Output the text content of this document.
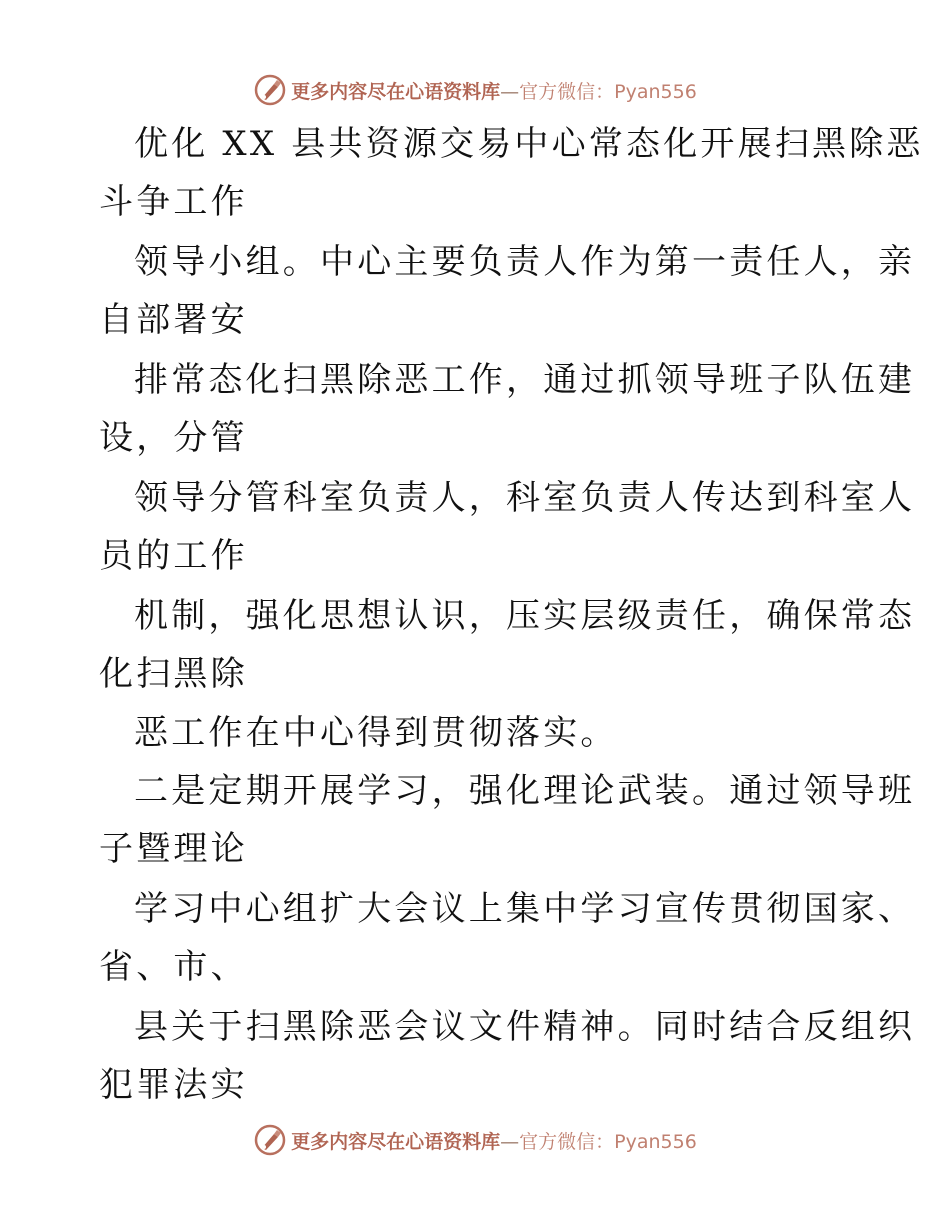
更多内容尽在心语资料库—官方微信：Pyan556
优化 XX 县共资源交易中心常态化开展扫黑除恶
斗争工作
领导小组。中心主要负责人作为第一责任人，亲
自部署安
排常态化扫黑除恶工作，通过抓领导班子队伍建
设，分管
领导分管科室负责人，科室负责人传达到科室人
员的工作
机制，强化思想认识，压实层级责任，确保常态
化扫黑除
恶工作在中心得到贯彻落实。
二是定期开展学习，强化理论武装。通过领导班
子暨理论
学习中心组扩大会议上集中学习宣传贯彻国家、
省、市、
县关于扫黑除恶会议文件精神。同时结合反组织
犯罪法实
更多内容尽在心语资料库—官方微信：Pyan556
